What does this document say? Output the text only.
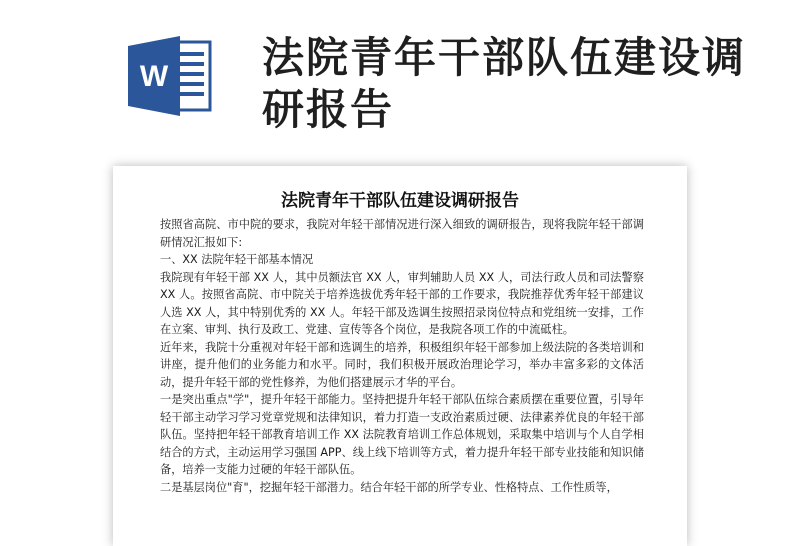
W 法院青年干部队伍建设调研报告
法院青年干部队伍建设调研报告

按照省高院、市中院的要求，我院对年轻干部情况进行深入细致的调研报告，现将我院年轻干部调研情况汇报如下:

一、XX 法院年轻干部基本情况

我院现有年轻干部 XX 人，其中员额法官 XX 人，审判辅助人员 XX 人，司法行政人员和司法警察 XX 人。按照省高院、市中院关于培养选拔优秀年轻干部的工作要求，我院推荐优秀年轻干部建议人选 XX 人，其中特别优秀的 XX 人。年轻干部及选调生按照招录岗位特点和党组统一安排，工作在立案、审判、执行及政工、党建、宣传等各个岗位，是我院各项工作的中流砥柱。

近年来，我院十分重视对年轻干部和选调生的培养，积极组织年轻干部参加上级法院的各类培训和讲座，提升他们的业务能力和水平。同时，我们积极开展政治理论学习，举办丰富多彩的文体活动，提升年轻干部的党性修养，为他们搭建展示才华的平台。

一是突出重点"学"，提升年轻干部能力。坚持把提升年轻干部队伍综合素质摆在重要位置，引导年轻干部主动学习学习党章党规和法律知识，着力打造一支政治素质过硬、法律素养优良的年轻干部队伍。坚持把年轻干部教育培训工作 XX 法院教育培训工作总体规划，采取集中培训与个人自学相结合的方式，主动运用学习强国 APP、线上线下培训等方式，着力提升年轻干部专业技能和知识储备，培养一支能力过硬的年轻干部队伍。

二是基层岗位"育"，挖掘年轻干部潜力。结合年轻干部的所学专业、性格特点、工作性质等，
